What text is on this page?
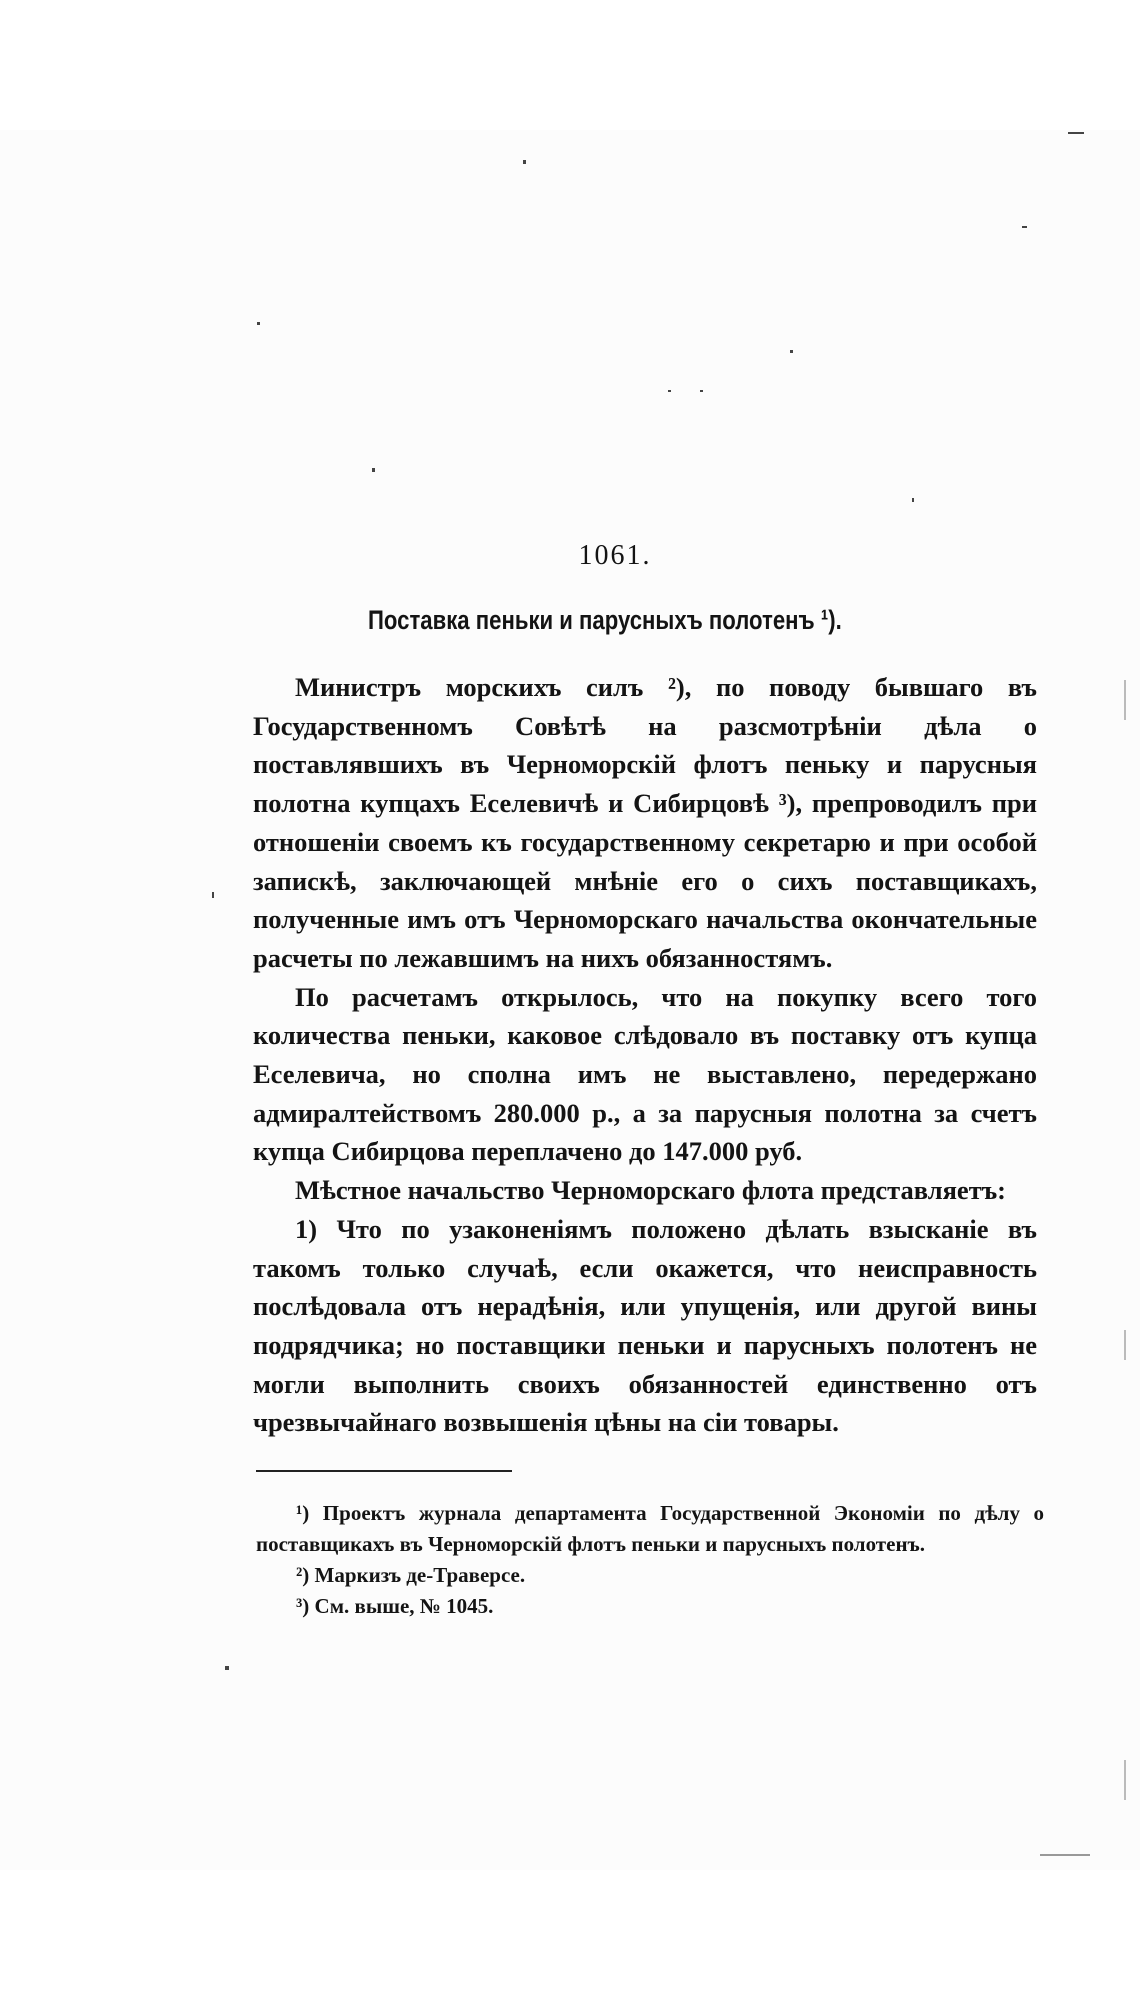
1061.
Поставка пеньки и парусныхъ полотенъ ¹).

Министръ морскихъ силъ ²), по поводу бывшаго въ Государственномъ Совѣтѣ на разсмотрѣніи дѣла о поставлявшихъ въ Черноморскій флотъ пеньку и парусныя полотна купцахъ Еселевичѣ и Сибирцовѣ ³), препроводилъ при отношеніи своемъ къ государственному секретарю и при особой запискѣ, заключающей мнѣніе его о сихъ поставщикахъ, полученные имъ отъ Черноморскаго начальства окончательные расчеты по лежавшимъ на нихъ обязанностямъ.

По расчетамъ открылось, что на покупку всего того количества пеньки, каковое слѣдовало въ поставку отъ купца Еселевича, но сполна имъ не выставлено, передержано адмиралтействомъ 280.000 р., а за парусныя полотна за счетъ купца Сибирцова переплачено до 147.000 руб.

Мѣстное начальство Черноморскаго флота представляетъ:

1) Что по узаконеніямъ положено дѣлать взысканіе въ такомъ только случаѣ, если окажется, что неисправность послѣдовала отъ нерадѣнія, или упущенія, или другой вины подрядчика; но поставщики пеньки и парусныхъ полотенъ не могли выполнить своихъ обязанностей единственно отъ чрезвычайнаго возвышенія цѣны на сіи товары.

¹) Проектъ журнала департамента Государственной Экономіи по дѣлу о поставщикахъ въ Черноморскій флотъ пеньки и парусныхъ полотенъ.

²) Маркизъ де-Траверсе.

³) См. выше, № 1045.
